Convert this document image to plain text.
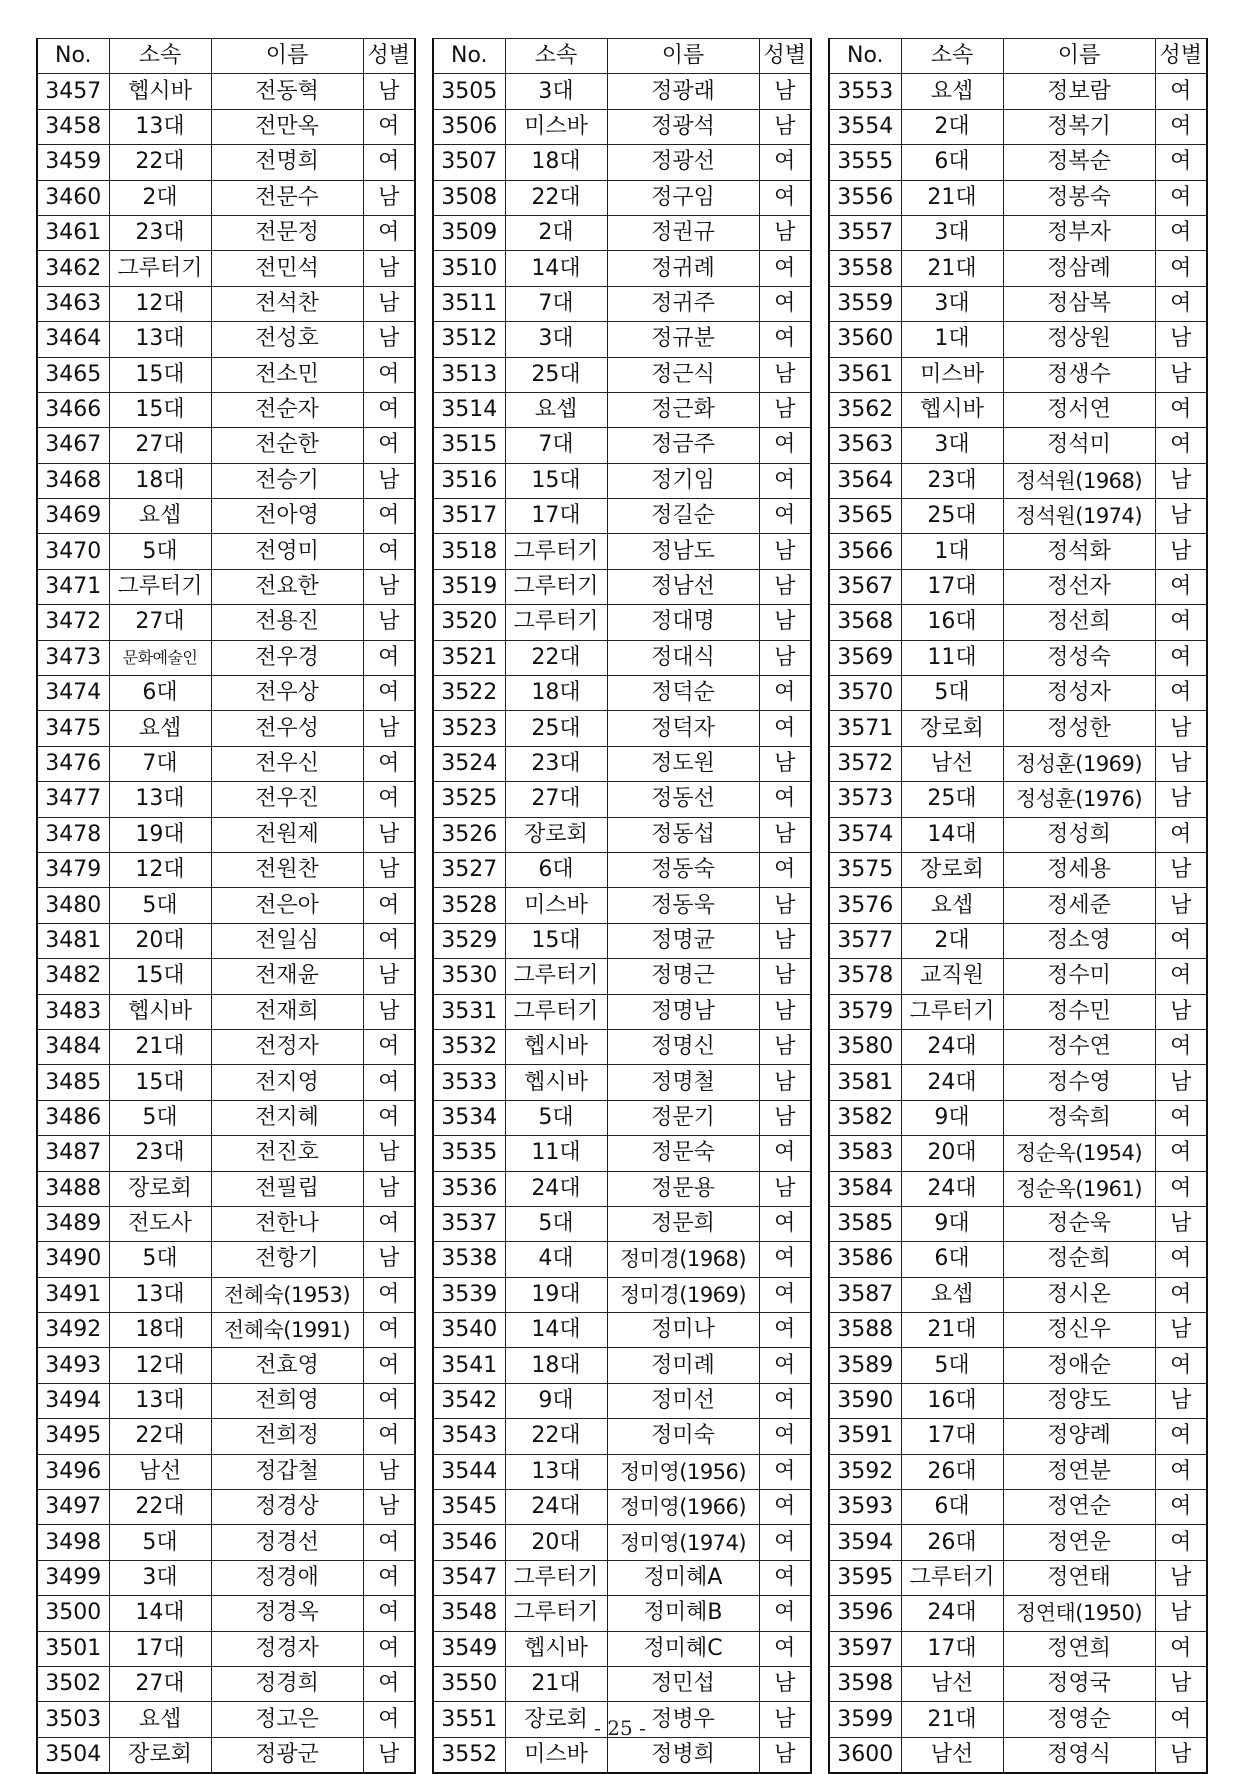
No.	소속	이름	성별
3457	헵시바	전동혁	남
3458	13대	전만옥	여
3459	22대	전명희	여
3460	2대	전문수	남
3461	23대	전문정	여
3462	그루터기	전민석	남
3463	12대	전석찬	남
3464	13대	전성호	남
3465	15대	전소민	여
3466	15대	전순자	여
3467	27대	전순한	여
3468	18대	전승기	남
3469	요셉	전아영	여
3470	5대	전영미	여
3471	그루터기	전요한	남
3472	27대	전용진	남
3473	문화예술인	전우경	여
3474	6대	전우상	여
3475	요셉	전우성	남
3476	7대	전우신	여
3477	13대	전우진	여
3478	19대	전원제	남
3479	12대	전원찬	남
3480	5대	전은아	여
3481	20대	전일심	여
3482	15대	전재윤	남
3483	헵시바	전재희	남
3484	21대	전정자	여
3485	15대	전지영	여
3486	5대	전지혜	여
3487	23대	전진호	남
3488	장로회	전필립	남
3489	전도사	전한나	여
3490	5대	전항기	남
3491	13대	전혜숙(1953)	여
3492	18대	전혜숙(1991)	여
3493	12대	전효영	여
3494	13대	전희영	여
3495	22대	전희정	여
3496	남선	정갑철	남
3497	22대	정경상	남
3498	5대	정경선	여
3499	3대	정경애	여
3500	14대	정경옥	여
3501	17대	정경자	여
3502	27대	정경희	여
3503	요셉	정고은	여
3504	장로회	정광군	남
No.	소속	이름	성별
3505	3대	정광래	남
3506	미스바	정광석	남
3507	18대	정광선	여
3508	22대	정구임	여
3509	2대	정권규	남
3510	14대	정귀례	여
3511	7대	정귀주	여
3512	3대	정규분	여
3513	25대	정근식	남
3514	요셉	정근화	남
3515	7대	정금주	여
3516	15대	정기임	여
3517	17대	정길순	여
3518	그루터기	정남도	남
3519	그루터기	정남선	남
3520	그루터기	정대명	남
3521	22대	정대식	남
3522	18대	정덕순	여
3523	25대	정덕자	여
3524	23대	정도원	남
3525	27대	정동선	여
3526	장로회	정동섭	남
3527	6대	정동숙	여
3528	미스바	정동욱	남
3529	15대	정명균	남
3530	그루터기	정명근	남
3531	그루터기	정명남	남
3532	헵시바	정명신	남
3533	헵시바	정명철	남
3534	5대	정문기	남
3535	11대	정문숙	여
3536	24대	정문용	남
3537	5대	정문희	여
3538	4대	정미경(1968)	여
3539	19대	정미경(1969)	여
3540	14대	정미나	여
3541	18대	정미례	여
3542	9대	정미선	여
3543	22대	정미숙	여
3544	13대	정미영(1956)	여
3545	24대	정미영(1966)	여
3546	20대	정미영(1974)	여
3547	그루터기	정미혜A	여
3548	그루터기	정미혜B	여
3549	헵시바	정미혜C	여
3550	21대	정민섭	남
3551	장로회	정병우	남
3552	미스바	정병희	남
No.	소속	이름	성별
3553	요셉	정보람	여
3554	2대	정복기	여
3555	6대	정복순	여
3556	21대	정봉숙	여
3557	3대	정부자	여
3558	21대	정삼례	여
3559	3대	정삼복	여
3560	1대	정상원	남
3561	미스바	정생수	남
3562	헵시바	정서연	여
3563	3대	정석미	여
3564	23대	정석원(1968)	남
3565	25대	정석원(1974)	남
3566	1대	정석화	남
3567	17대	정선자	여
3568	16대	정선희	여
3569	11대	정성숙	여
3570	5대	정성자	여
3571	장로회	정성한	남
3572	남선	정성훈(1969)	남
3573	25대	정성훈(1976)	남
3574	14대	정성희	여
3575	장로회	정세용	남
3576	요셉	정세준	남
3577	2대	정소영	여
3578	교직원	정수미	여
3579	그루터기	정수민	남
3580	24대	정수연	여
3581	24대	정수영	남
3582	9대	정숙희	여
3583	20대	정순옥(1954)	여
3584	24대	정순옥(1961)	여
3585	9대	정순욱	남
3586	6대	정순희	여
3587	요셉	정시온	여
3588	21대	정신우	남
3589	5대	정애순	여
3590	16대	정양도	남
3591	17대	정양례	여
3592	26대	정연분	여
3593	6대	정연순	여
3594	26대	정연운	여
3595	그루터기	정연태	남
3596	24대	정연태(1950)	남
3597	17대	정연희	여
3598	남선	정영국	남
3599	21대	정영순	여
3600	남선	정영식	남
- 25 -
